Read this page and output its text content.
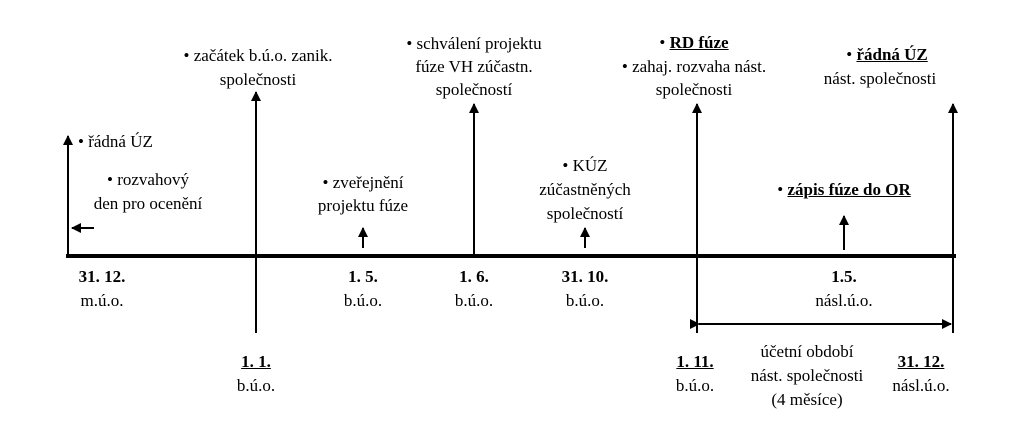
• řádná ÚZ
• rozvahový
den pro ocenění
• začátek b.ú.o. zanik.
společnosti
• zveřejnění
projektu fúze
• schválení projektu
fúze VH zúčastn.
společností
• KÚZ
zúčastněných
společností
• RD fúze
• zahaj. rozvaha nást.
společnosti
• zápis fúze do OR
• řádná ÚZ
nást. společnosti
31. 12.
m.ú.o.
1. 5.
b.ú.o.
1. 6.
b.ú.o.
31. 10.
b.ú.o.
1.5.
násl.ú.o.
1. 1.
b.ú.o.
1. 11.
b.ú.o.
31. 12.
násl.ú.o.
účetní období
nást. společnosti
(4 měsíce)
